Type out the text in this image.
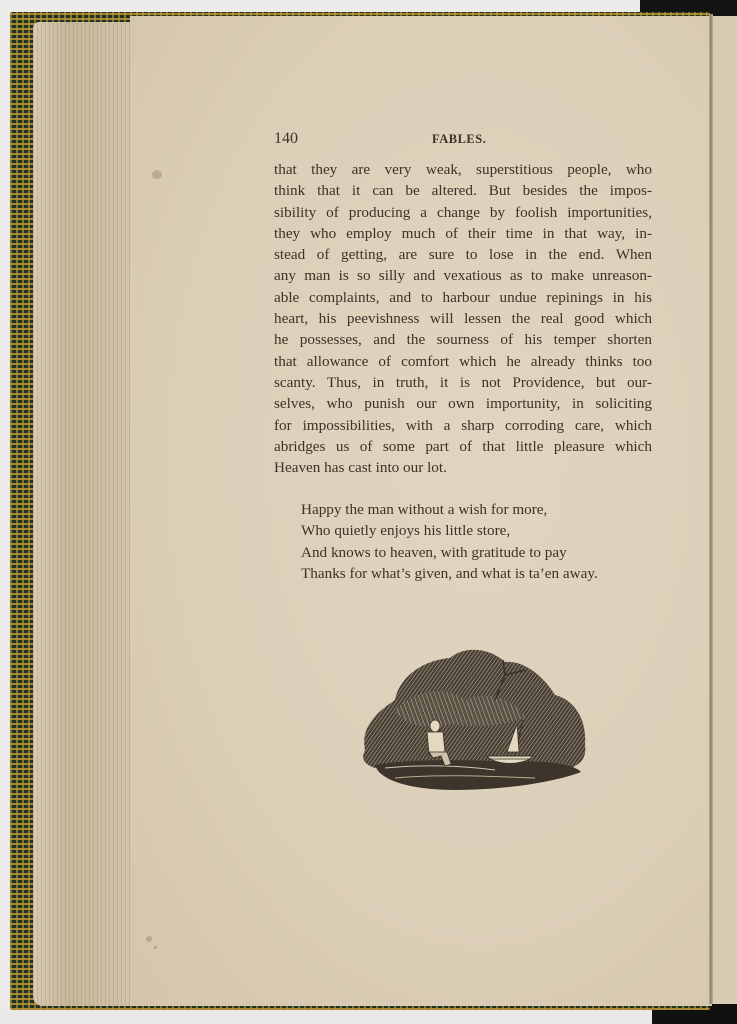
140	FABLES.
that they are very weak, superstitious people, who
think that it can be altered. But besides the impos-
sibility of producing a change by foolish importunities,
they who employ much of their time in that way, in-
stead of getting, are sure to lose in the end. When
any man is so silly and vexatious as to make unreason-
able complaints, and to harbour undue repinings in his
heart, his peevishness will lessen the real good which
he possesses, and the sourness of his temper shorten
that allowance of comfort which he already thinks too
scanty. Thus, in truth, it is not Providence, but our-
selves, who punish our own importunity, in soliciting
for impossibilities, with a sharp corroding care, which
abridges us of some part of that little pleasure which
Heaven has cast into our lot.
Happy the man without a wish for more,
Who quietly enjoys his little store,
And knows to heaven, with gratitude to pay
Thanks for what’s given, and what is ta’en away.
